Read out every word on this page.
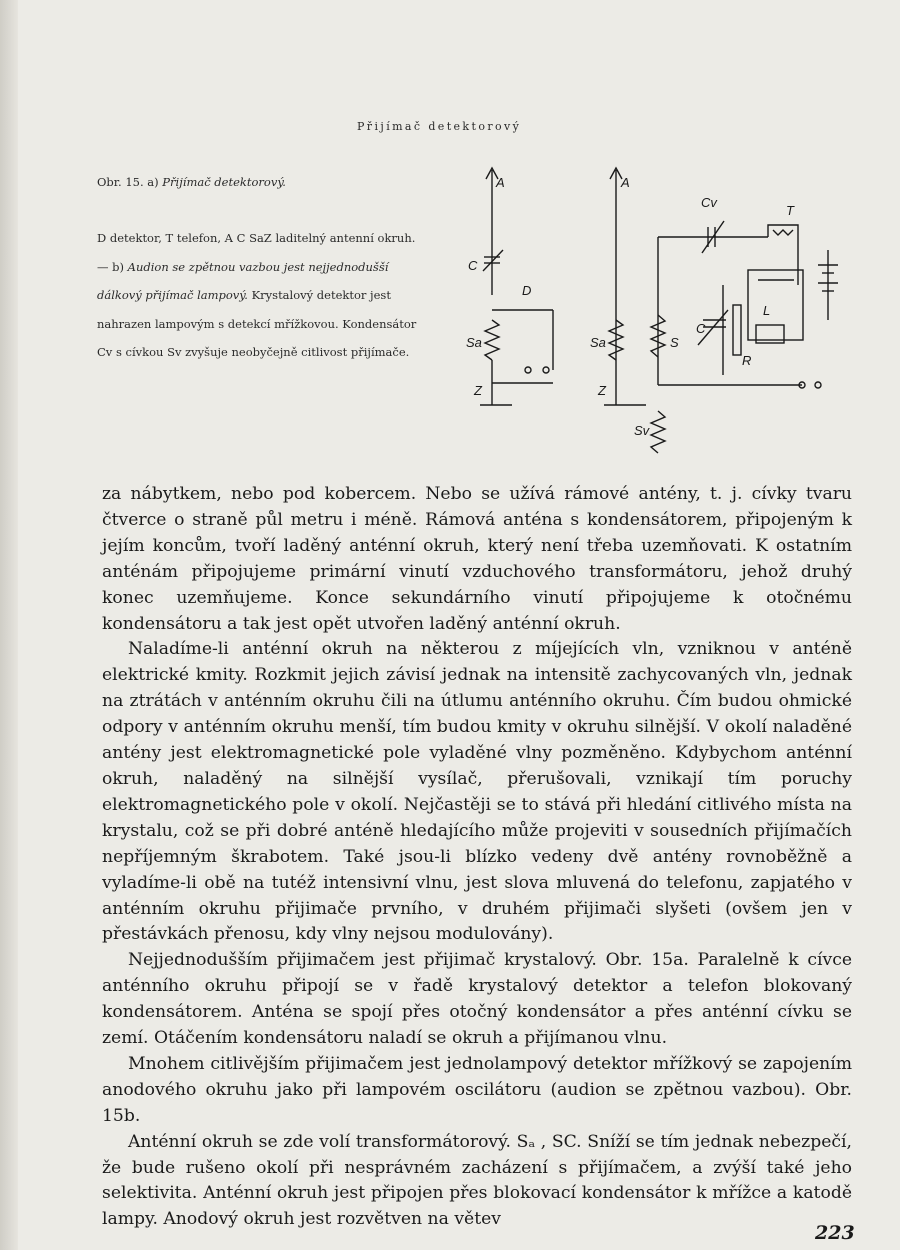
Přijímač detektorový

Obr. 15. a) Přijímač detektorový.

D detektor, T telefon, A C SaZ laditelný antenní okruh. — b) Audion se zpětnou vazbou jest nejjednodušší dálkový přijímač lampový. Krystalový detektor jest nahrazen lampovým s detekcí mřížkovou. Kondensátor Cv s cívkou Sv zvyšuje neobyčejně citlivost přijímače.

A
C
D
Sa
Z
A
Cv
T
Sa	S
C
L
R
Z
Sv

za nábytkem, nebo pod kobercem. Nebo se užívá rámové antény, t. j. cívky tvaru čtverce o straně půl metru i méně. Rámová anténa s kondensátorem, připojeným k jejím koncům, tvoří laděný anténní okruh, který není třeba uzemňovati. K ostatním anténám připojujeme primární vinutí vzduchového transformátoru, jehož druhý konec uzemňujeme. Konce sekundárního vinutí připojujeme k otočnému kondensátoru a tak jest opět utvořen laděný anténní okruh.

Naladíme-li anténní okruh na některou z míjejících vln, vzniknou v anténě elektrické kmity. Rozkmit jejich závisí jednak na intensitě zachycovaných vln, jednak na ztrátách v anténním okruhu čili na útlumu anténního okruhu. Čím budou ohmické odpory v anténním okruhu menší, tím budou kmity v okruhu silnější. V okolí naladěné antény jest elektromagnetické pole vyladěné vlny pozměněno. Kdybychom anténní okruh, naladěný na silnější vysílač, přerušovali, vznikají tím poruchy elektromagnetického pole v okolí. Nejčastěji se to stává při hledání citlivého místa na krystalu, což se při dobré anténě hledajícího může projeviti v sousedních přijímačích nepříjemným škrabotem. Také jsou-li blízko vedeny dvě antény rovnoběžně a vyladíme-li obě na tutéž intensivní vlnu, jest slova mluvená do telefonu, zapjatého v anténním okruhu přijimače prvního, v druhém přijimači slyšeti (ovšem jen v přestávkách přenosu, kdy vlny nejsou modulovány).

Nejjednodušším přijimačem jest přijimač krystalový. Obr. 15a. Paralelně k cívce anténního okruhu připojí se v řadě krystalový detektor a telefon blokovaný kondensátorem. Anténa se spojí přes otočný kondensátor a přes anténní cívku se zemí. Otáčením kondensátoru naladí se okruh a přijímanou vlnu.

Mnohem citlivějším přijimačem jest jednolampový detektor mřížkový se zapojením anodového okruhu jako při lampovém oscilátoru (audion se zpětnou vazbou). Obr. 15b.

Anténní okruh se zde volí transformátorový. Sₐ , SC. Sníží se tím jednak nebezpečí, že bude rušeno okolí při nesprávném zacházení s přijímačem, a zvýší také jeho selektivita. Anténní okruh jest připojen přes blokovací kondensátor k mřížce a katodě lampy. Anodový okruh jest rozvětven na větev

223
